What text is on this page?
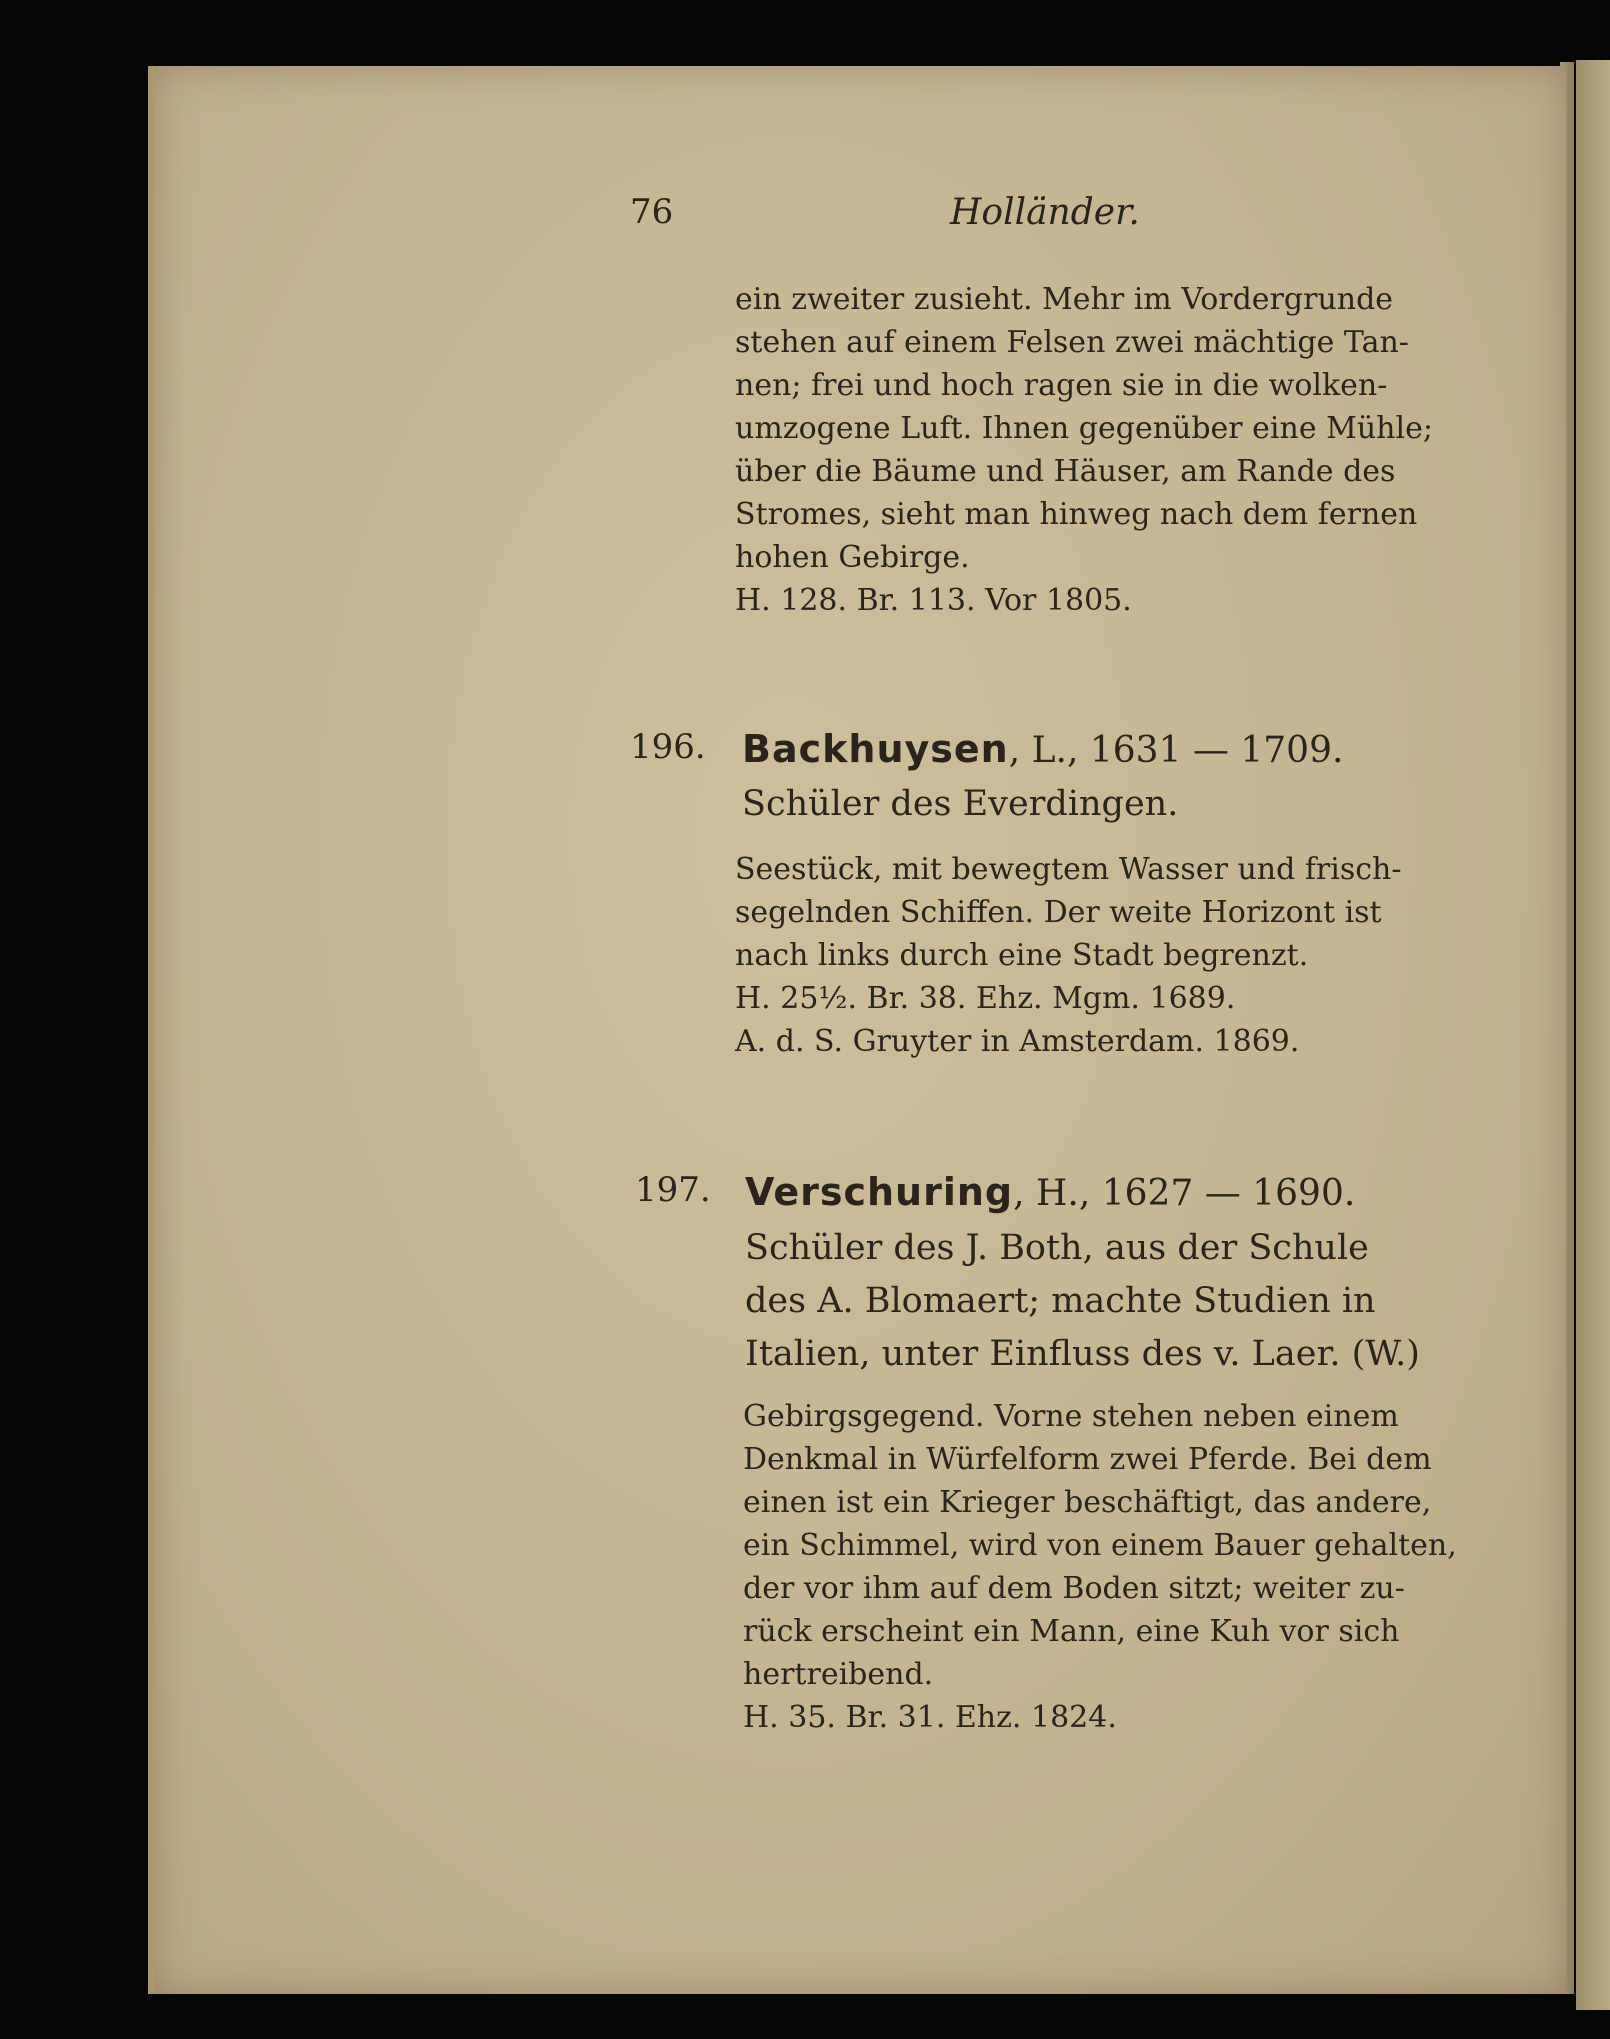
76	Holländer.
ein zweiter zusieht. Mehr im Vordergrunde
stehen auf einem Felsen zwei mächtige Tan-
nen; frei und hoch ragen sie in die wolken-
umzogene Luft. Ihnen gegenüber eine Mühle;
über die Bäume und Häuser, am Rande des
Stromes, sieht man hinweg nach dem fernen
hohen Gebirge.
H. 128. Br. 113. Vor 1805.
196. Backhuysen, L., 1631 — 1709.
Schüler des Everdingen.
Seestück, mit bewegtem Wasser und frisch-
segelnden Schiffen. Der weite Horizont ist
nach links durch eine Stadt begrenzt.
H. 25½. Br. 38. Ehz. Mgm. 1689.
A. d. S. Gruyter in Amsterdam. 1869.
197. Verschuring, H., 1627 — 1690.
Schüler des J. Both, aus der Schule
des A. Blomaert; machte Studien in
Italien, unter Einfluss des v. Laer. (W.)
Gebirgsgegend. Vorne stehen neben einem
Denkmal in Würfelform zwei Pferde. Bei dem
einen ist ein Krieger beschäftigt, das andere,
ein Schimmel, wird von einem Bauer gehalten,
der vor ihm auf dem Boden sitzt; weiter zu-
rück erscheint ein Mann, eine Kuh vor sich
hertreibend.
H. 35. Br. 31. Ehz. 1824.
